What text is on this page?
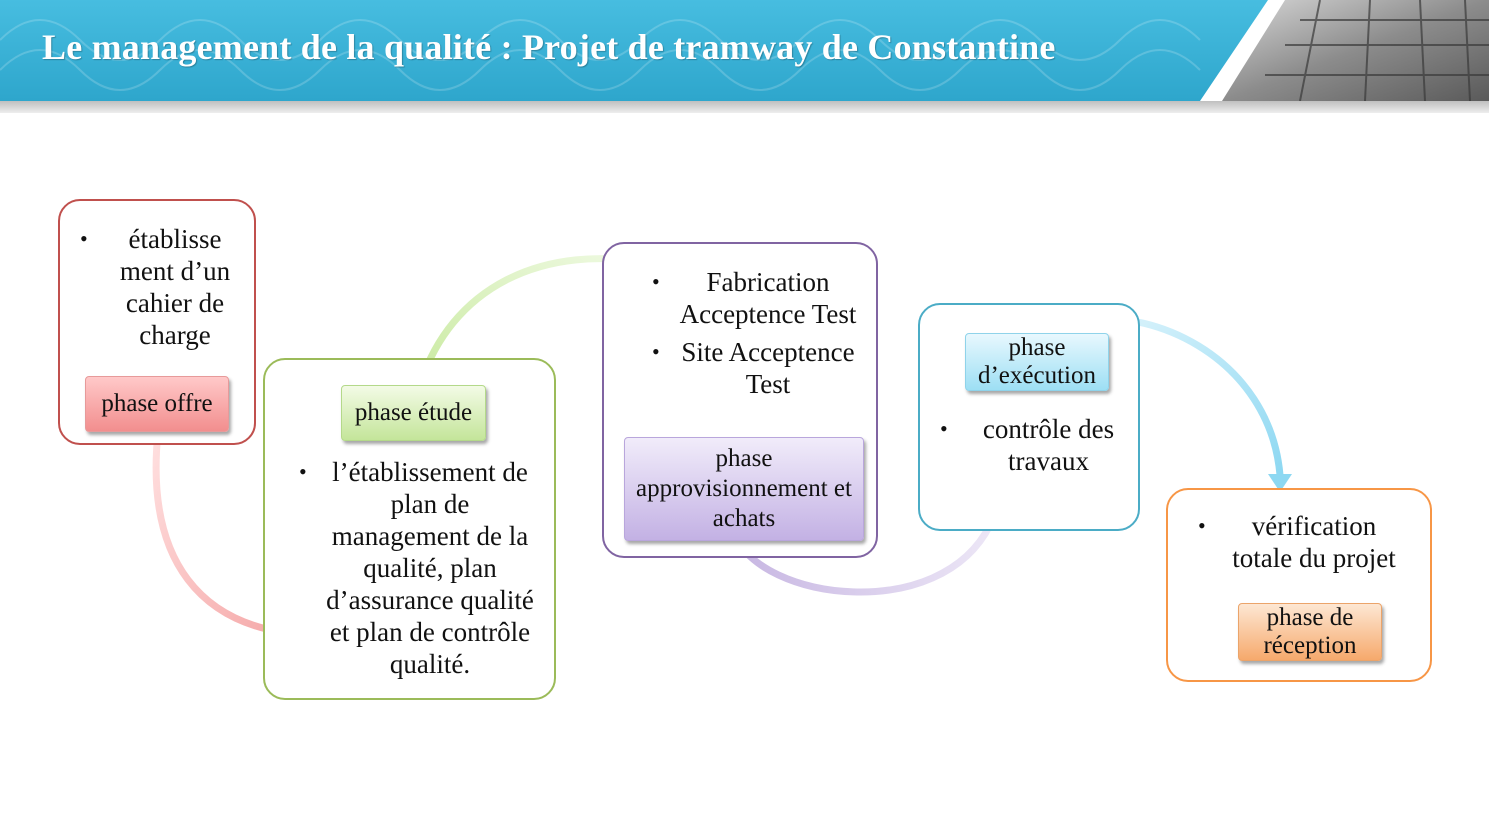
Le management de la qualité : Projet de tramway de Constantine
• établisse ment d’un cahier de charge
phase offre	phase étude
• l’établissement de plan de management de la qualité, plan d’assurance qualité et plan de contrôle qualité.
• Fabrication Acceptence Test
• Site Acceptence Test
phase approvisionnement et achats
phase d’exécution
• contrôle des travaux
• vérification totale du projet
phase de réception
